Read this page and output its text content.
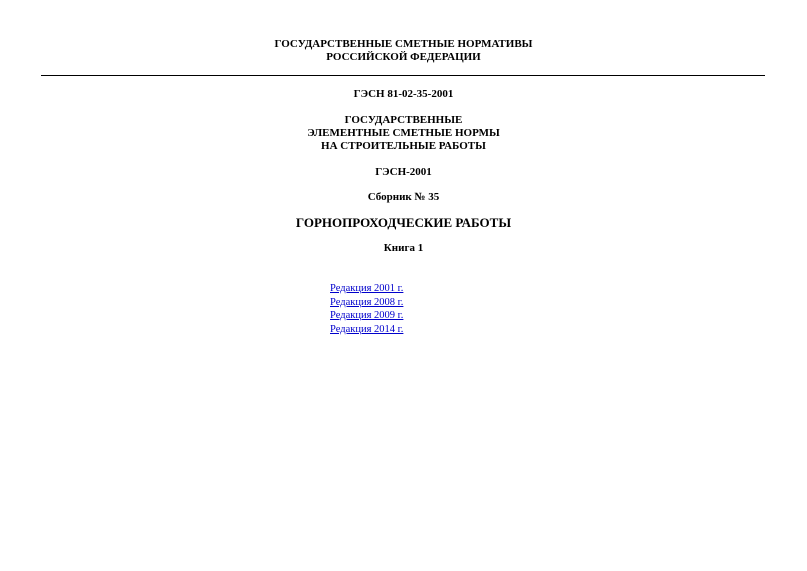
ГОСУДАРСТВЕННЫЕ СМЕТНЫЕ НОРМАТИВЫ
РОССИЙСКОЙ ФЕДЕРАЦИИ
ГЭСН 81-02-35-2001
ГОСУДАРСТВЕННЫЕ
ЭЛЕМЕНТНЫЕ СМЕТНЫЕ НОРМЫ
НА СТРОИТЕЛЬНЫЕ РАБОТЫ
ГЭСН-2001
Сборник № 35
ГОРНОПРОХОДЧЕСКИЕ РАБОТЫ
Книга 1
Редакция 2001 г.
Редакция 2008 г.
Редакция 2009 г.
Редакция 2014 г.
